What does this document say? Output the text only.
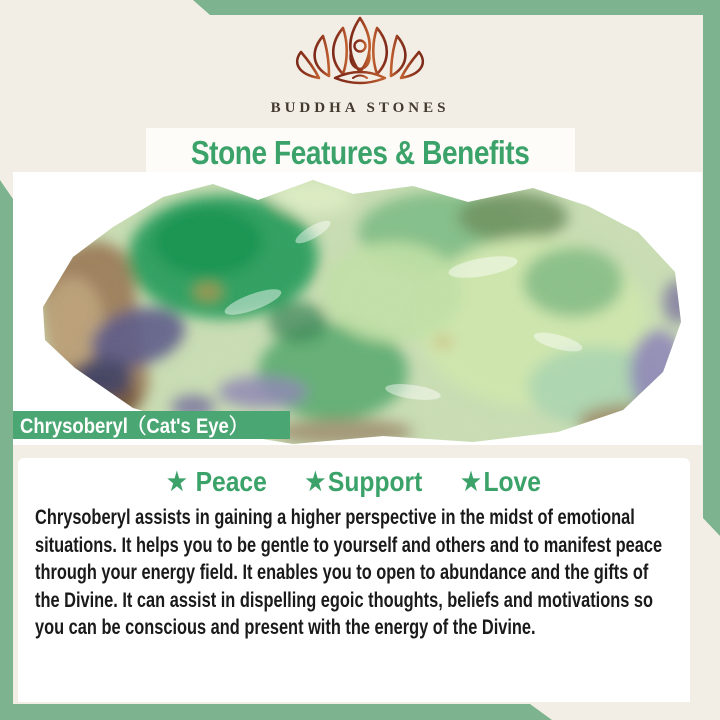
BUDDHA STONES
Stone Features & Benefits
Chrysoberyl（Cat's Eye）
★ Peace ★ Support ★ Love
Chrysoberyl assists in gaining a higher perspective in the midst of emotional
situations. It helps you to be gentle to yourself and others and to manifest peace
through your energy field. It enables you to open to abundance and the gifts of
the Divine. It can assist in dispelling egoic thoughts, beliefs and motivations so
you can be conscious and present with the energy of the Divine.
